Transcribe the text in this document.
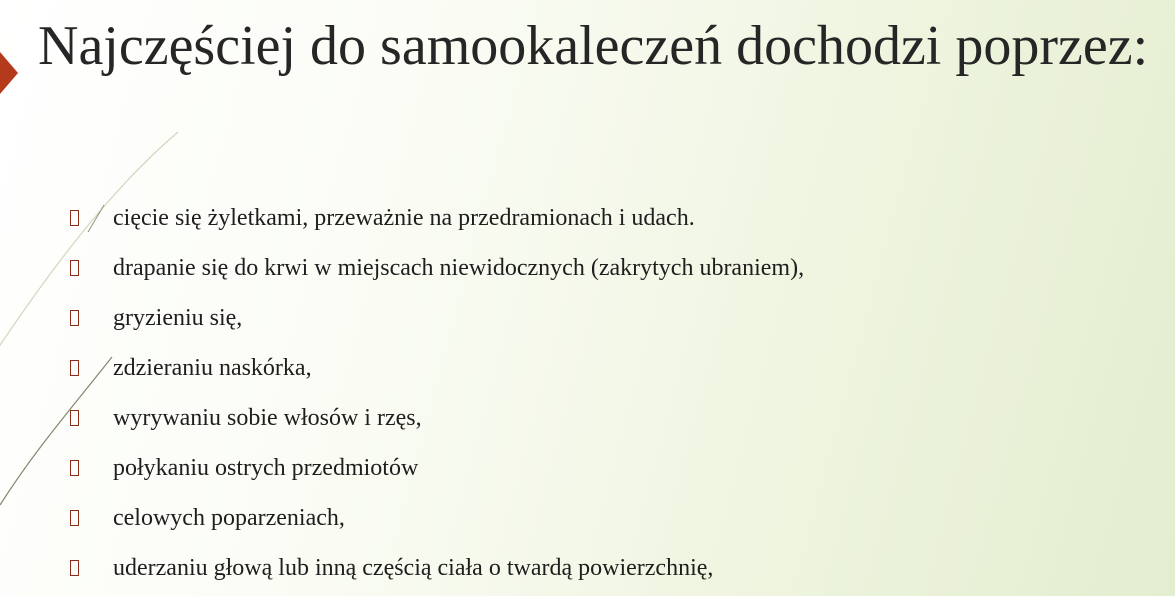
Najczęściej do samookaleczeń dochodzi poprzez:
cięcie się żyletkami, przeważnie na przedramionach i udach.
drapanie się do krwi w miejscach niewidocznych (zakrytych ubraniem),
gryzieniu się,
zdzieraniu naskórka,
wyrywaniu sobie włosów i rzęs,
połykaniu ostrych przedmiotów
celowych poparzeniach,
uderzaniu głową lub inną częścią ciała o twardą powierzchnię,
